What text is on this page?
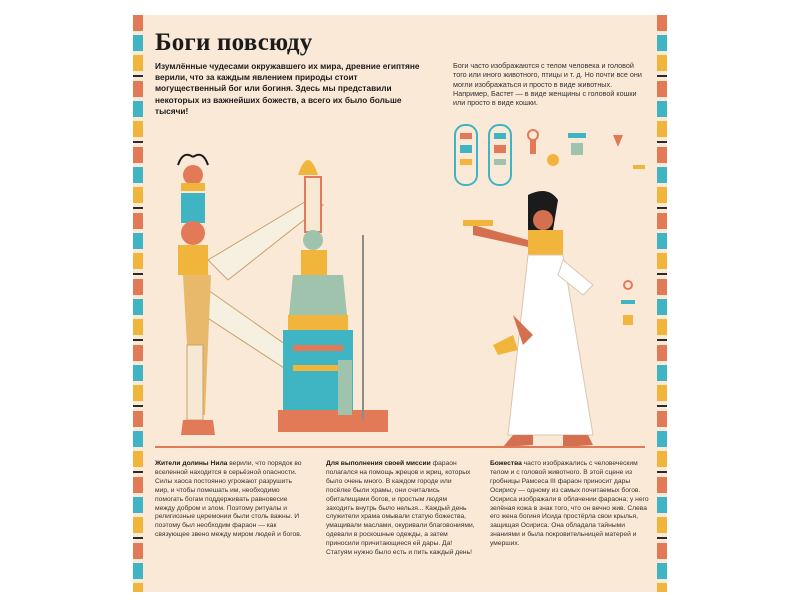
Боги повсюду

Изумлённые чудесами окружавшего их мира, древние египтяне верили, что за каждым явлением природы стоит могущественный бог или богиня. Здесь мы представили некоторых из важнейших божеств, а всего их было больше тысячи!

Боги часто изображаются с телом человека и головой того или иного животного, птицы и т. д. Но почти все они могли изображаться и просто в виде животных. Например, Бастет — в виде женщины с головой кошки или просто в виде кошки.

Жители долины Нила верили, что порядок во вселенной находится в серьёзной опасности. Силы хаоса постоянно угрожают разрушить мир, и чтобы помешать им, необходимо помогать богам поддерживать равновесие между добром и злом. Поэтому ритуалы и религиозные церемонии были столь важны. И поэтому был необходим фараон — как связующее звено между миром людей и богов.

Для выполнения своей миссии фараон полагался на помощь жрецов и жриц, которых было очень много. В каждом городе или посёлке были храмы, они считались обиталищами богов, и простым людям заходить внутрь было нельзя... Каждый день служители храма омывали статую божества, умащивали маслами, окуривали благовониями, одевали в роскошные одежды, а затем приносили причитающиеся ей дары. Да! Статуям нужно было есть и пить каждый день!

Божества часто изображались с человеческим телом и с головой животного. В этой сцене из гробницы Рамсеса III фараон приносит дары Осирису — одному из самых почитаемых богов. Осириса изображали в облачении фараона; у него зелёная кожа в знак того, что он вечно жив. Слева его жена богиня Исида простёрла свои крылья, защищая Осириса. Она обладала тайными знаниями и была покровительницей матерей и умерших.
